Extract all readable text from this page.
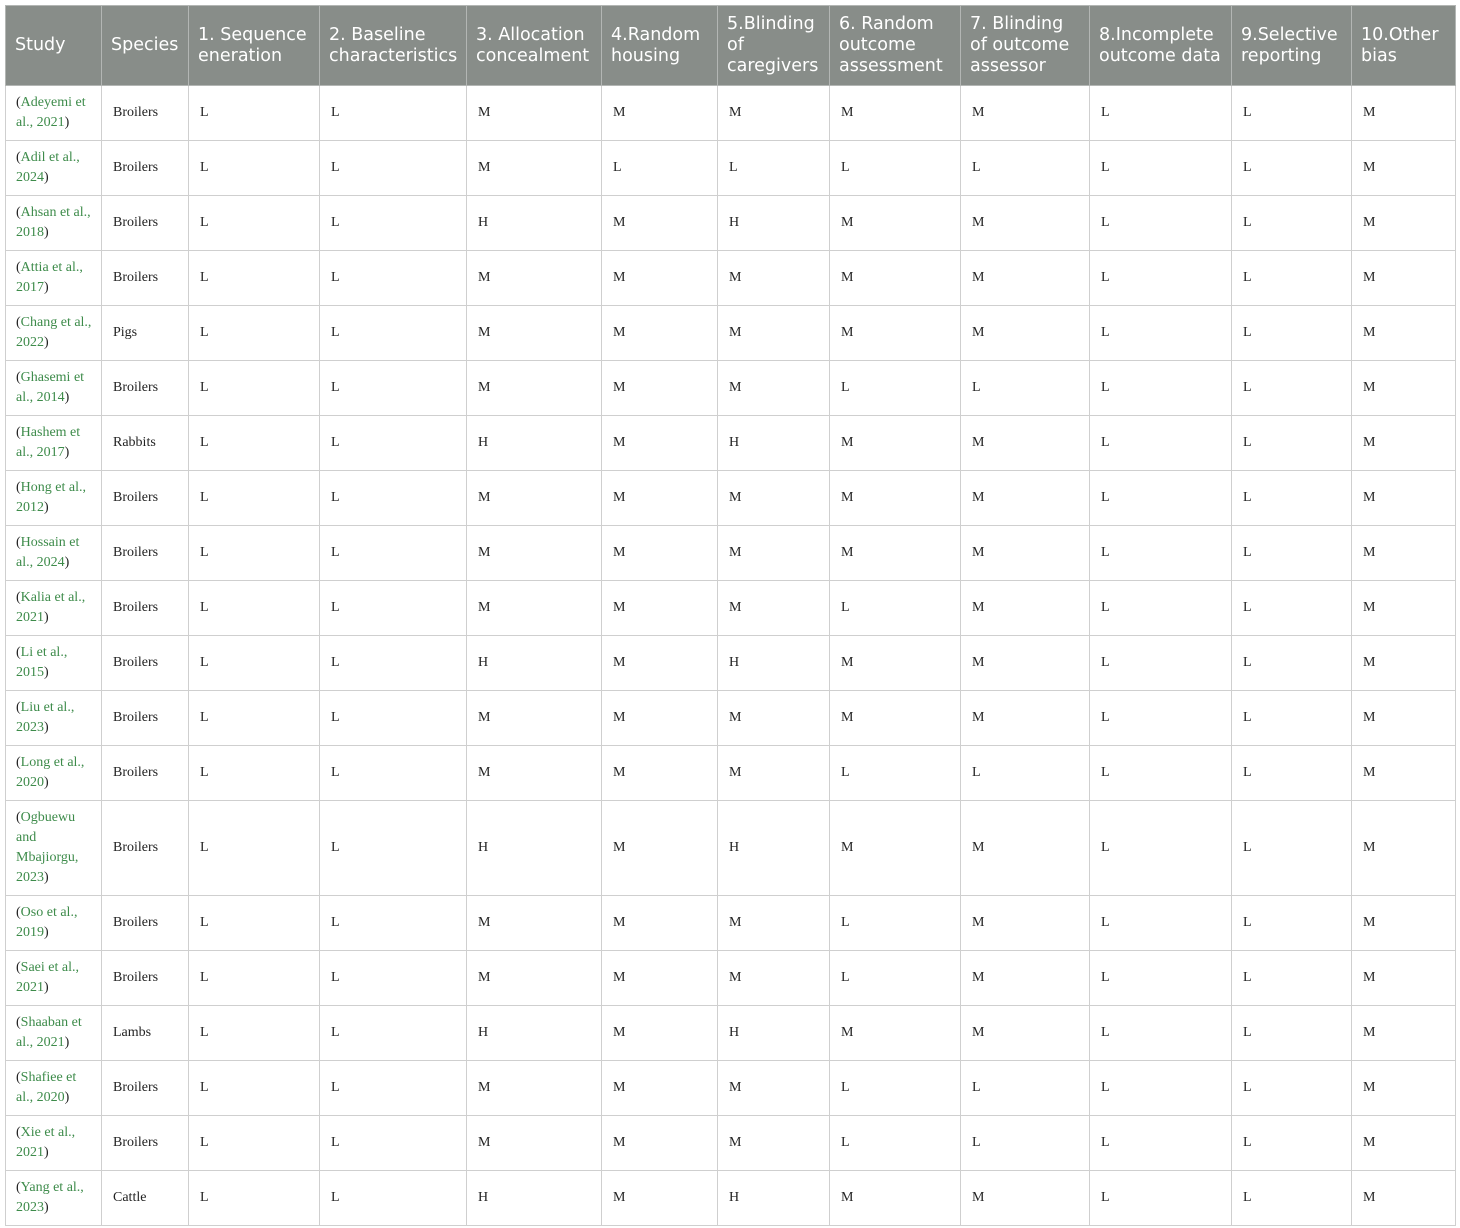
Study	Species	1. Sequence eneration	2. Baseline characteristics	3. Allocation concealment	4.Random housing	5.Blinding of caregivers	6. Random outcome assessment	7. Blinding of outcome assessor	8.Incomplete outcome data	9.Selective reporting	10.Other bias
(Adeyemi et al., 2021)	Broilers	L	L	M	M	M	M	M	L	L	M
(Adil et al., 2024)	Broilers	L	L	M	L	L	L	L	L	L	M
(Ahsan et al., 2018)	Broilers	L	L	H	M	H	M	M	L	L	M
(Attia et al., 2017)	Broilers	L	L	M	M	M	M	M	L	L	M
(Chang et al., 2022)	Pigs	L	L	M	M	M	M	M	L	L	M
(Ghasemi et al., 2014)	Broilers	L	L	M	M	M	L	L	L	L	M
(Hashem et al., 2017)	Rabbits	L	L	H	M	H	M	M	L	L	M
(Hong et al., 2012)	Broilers	L	L	M	M	M	M	M	L	L	M
(Hossain et al., 2024)	Broilers	L	L	M	M	M	M	M	L	L	M
(Kalia et al., 2021)	Broilers	L	L	M	M	M	L	M	L	L	M
(Li et al., 2015)	Broilers	L	L	H	M	H	M	M	L	L	M
(Liu et al., 2023)	Broilers	L	L	M	M	M	M	M	L	L	M
(Long et al., 2020)	Broilers	L	L	M	M	M	L	L	L	L	M
(Ogbuewu and Mbajiorgu, 2023)	Broilers	L	L	H	M	H	M	M	L	L	M
(Oso et al., 2019)	Broilers	L	L	M	M	M	L	M	L	L	M
(Saei et al., 2021)	Broilers	L	L	M	M	M	L	M	L	L	M
(Shaaban et al., 2021)	Lambs	L	L	H	M	H	M	M	L	L	M
(Shafiee et al., 2020)	Broilers	L	L	M	M	M	L	L	L	L	M
(Xie et al., 2021)	Broilers	L	L	M	M	M	L	L	L	L	M
(Yang et al., 2023)	Cattle	L	L	H	M	H	M	M	L	L	M
